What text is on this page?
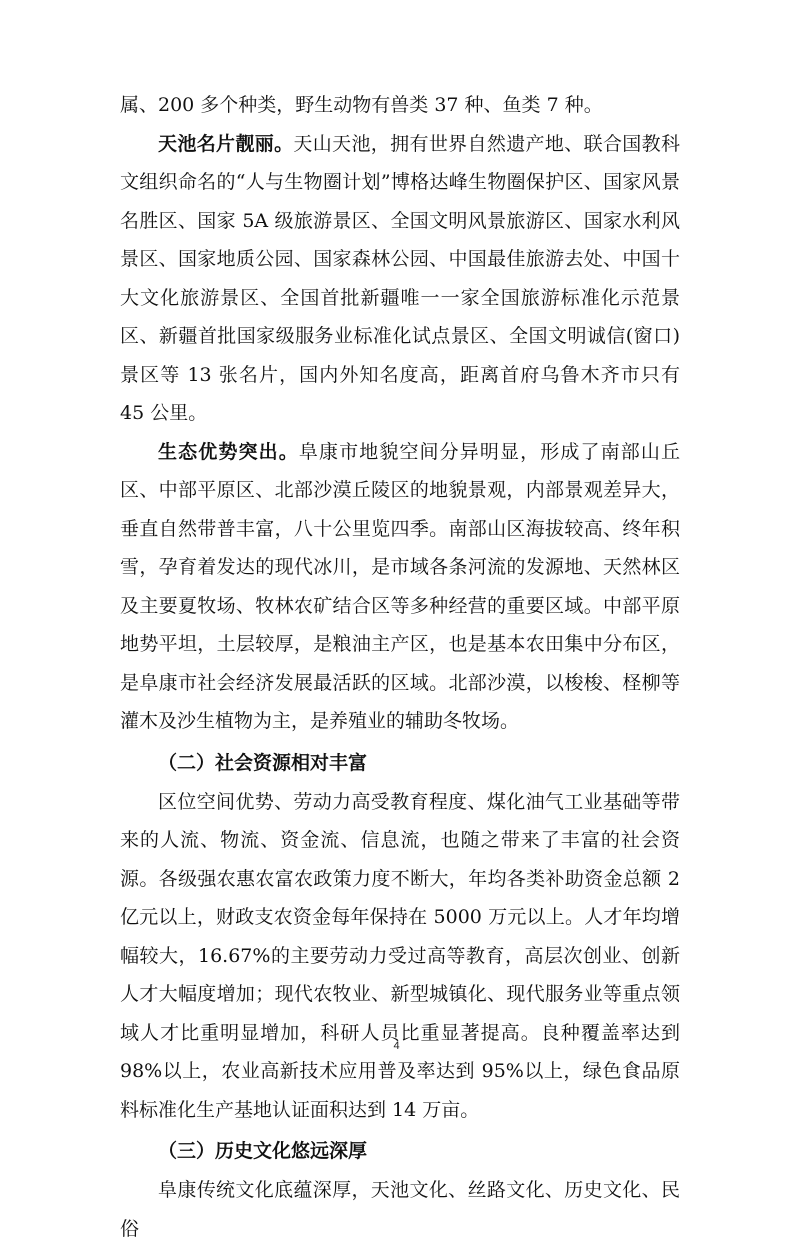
属、200 多个种类，野生动物有兽类 37 种、鱼类 7 种。

天池名片靓丽。天山天池，拥有世界自然遗产地、联合国教科文组织命名的“人与生物圈计划”博格达峰生物圈保护区、国家风景名胜区、国家 5A 级旅游景区、全国文明风景旅游区、国家水利风景区、国家地质公园、国家森林公园、中国最佳旅游去处、中国十大文化旅游景区、全国首批新疆唯一一家全国旅游标准化示范景区、新疆首批国家级服务业标准化试点景区、全国文明诚信(窗口)景区等 13 张名片，国内外知名度高，距离首府乌鲁木齐市只有 45 公里。

生态优势突出。阜康市地貌空间分异明显，形成了南部山丘区、中部平原区、北部沙漠丘陵区的地貌景观，内部景观差异大，垂直自然带普丰富，八十公里览四季。南部山区海拔较高、终年积雪，孕育着发达的现代冰川，是市域各条河流的发源地、天然林区及主要夏牧场、牧林农矿结合区等多种经营的重要区域。中部平原地势平坦，土层较厚，是粮油主产区，也是基本农田集中分布区，是阜康市社会经济发展最活跃的区域。北部沙漠，以梭梭、柽柳等灌木及沙生植物为主，是养殖业的辅助冬牧场。

（二）社会资源相对丰富

区位空间优势、劳动力高受教育程度、煤化油气工业基础等带来的人流、物流、资金流、信息流，也随之带来了丰富的社会资源。各级强农惠农富农政策力度不断大，年均各类补助资金总额 2 亿元以上，财政支农资金每年保持在 5000 万元以上。人才年均增幅较大，16.67%的主要劳动力受过高等教育，高层次创业、创新人才大幅度增加；现代农牧业、新型城镇化、现代服务业等重点领域人才比重明显增加，科研人员比重显著提高。良种覆盖率达到 98%以上，农业高新技术应用普及率达到 95%以上，绿色食品原料标准化生产基地认证面积达到 14 万亩。

（三）历史文化悠远深厚

阜康传统文化底蕴深厚，天池文化、丝路文化、历史文化、民俗

4
